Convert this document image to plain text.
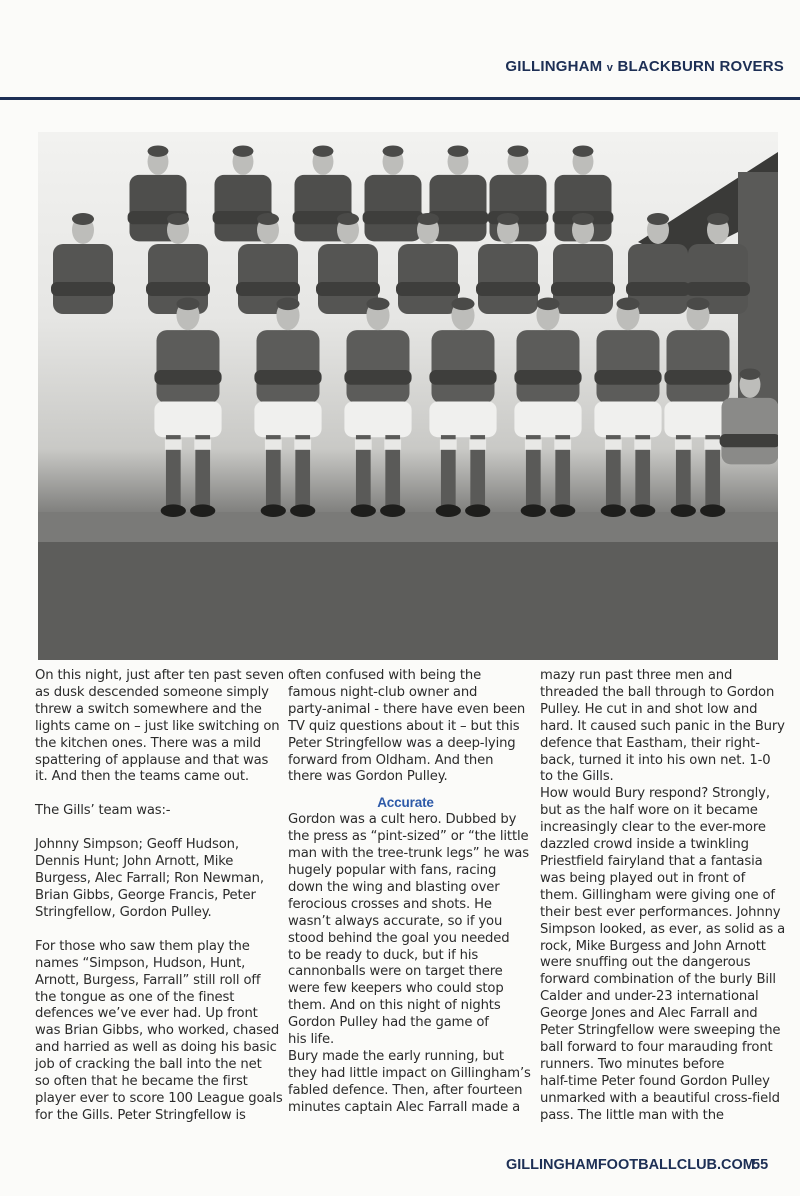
GILLINGHAM v BLACKBURN ROVERS

On this night, just after ten past seven

as dusk descended someone simply

threw a switch somewhere and the

lights came on – just like switching on

the kitchen ones. There was a mild

spattering of applause and that was

it. And then the teams came out.

The Gills’ team was:-

Johnny Simpson; Geoff Hudson,

Dennis Hunt; John Arnott, Mike

Burgess, Alec Farrall; Ron Newman,

Brian Gibbs, George Francis, Peter

Stringfellow, Gordon Pulley.

For those who saw them play the

names “Simpson, Hudson, Hunt,

Arnott, Burgess, Farrall” still roll off

the tongue as one of the finest

defences we’ve ever had. Up front

was Brian Gibbs, who worked, chased

and harried as well as doing his basic

job of cracking the ball into the net

so often that he became the first

player ever to score 100 League goals

for the Gills. Peter Stringfellow is

often confused with being the

famous night-club owner and

party-animal - there have even been

TV quiz questions about it – but this

Peter Stringfellow was a deep-lying

forward from Oldham. And then

there was Gordon Pulley.

Accurate

Gordon was a cult hero. Dubbed by

the press as “pint-sized” or “the little

man with the tree-trunk legs” he was

hugely popular with fans, racing

down the wing and blasting over

ferocious crosses and shots. He

wasn’t always accurate, so if you

stood behind the goal you needed

to be ready to duck, but if his

cannonballs were on target there

were few keepers who could stop

them. And on this night of nights

Gordon Pulley had the game of

his life.

Bury made the early running, but

they had little impact on Gillingham’s

fabled defence. Then, after fourteen

minutes captain Alec Farrall made a

mazy run past three men and

threaded the ball through to Gordon

Pulley. He cut in and shot low and

hard. It caused such panic in the Bury

defence that Eastham, their right-

back, turned it into his own net. 1-0

to the Gills.

How would Bury respond? Strongly,

but as the half wore on it became

increasingly clear to the ever-more

dazzled crowd inside a twinkling

Priestfield fairyland that a fantasia

was being played out in front of

them. Gillingham were giving one of

their best ever performances. Johnny

Simpson looked, as ever, as solid as a

rock, Mike Burgess and John Arnott

were snuffing out the dangerous

forward combination of the burly Bill

Calder and under-23 international

George Jones and Alec Farrall and

Peter Stringfellow were sweeping the

ball forward to four marauding front

runners. Two minutes before

half-time Peter found Gordon Pulley

unmarked with a beautiful cross-field

pass. The little man with the

GILLINGHAMFOOTBALLCLUB.COM
55
